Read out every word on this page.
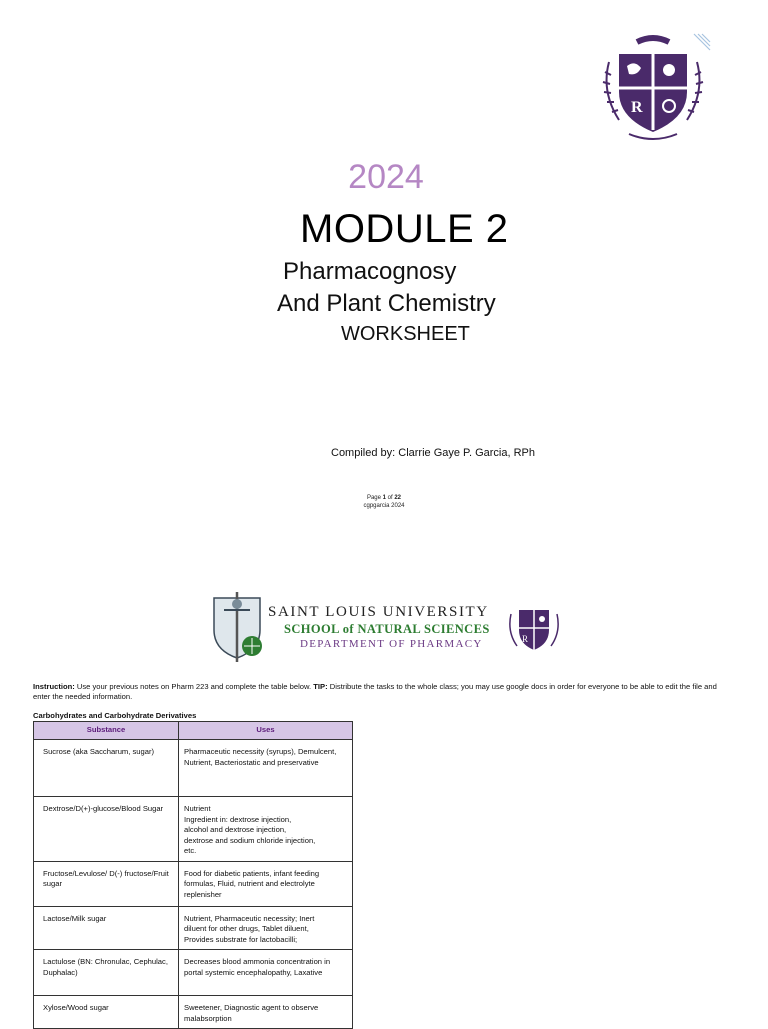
R
2024
MODULE 2
Pharmacognosy
And Plant Chemistry
WORKSHEET
Compiled by: Clarrie Gaye P. Garcia, RPh
Page 1 of 22
cgpgarcia 2024
SAINT LOUIS UNIVERSITY
SCHOOL of NATURAL SCIENCES
DEPARTMENT OF PHARMACY	R
Instruction: Use your previous notes on Pharm 223 and complete the table below. TIP: Distribute the tasks to the whole class; you may use google docs in order for everyone to be able to edit the file and enter the needed information.
Carbohydrates and Carbohydrate Derivatives
Substance	Uses
Sucrose (aka Saccharum, sugar)	Pharmaceutic necessity (syrups), Demulcent, Nutrient, Bacteriostatic and preservative

Dextrose/D(+)-glucose/Blood Sugar	Nutrient
Ingredient in: dextrose injection,
alcohol and dextrose injection,
dextrose and sodium chloride injection,
etc.

Fructose/Levulose/ D(-) fructose/Fruit sugar	Food for diabetic patients, infant feeding formulas, Fluid, nutrient and electrolyte replenisher

Lactose/Milk sugar	Nutrient, Pharmaceutic necessity; Inert
diluent for other drugs, Tablet diluent,
Provides substrate for lactobacilli;

Lactulose (BN: Chronulac, Cephulac, Duphalac)	Decreases blood ammonia concentration in portal systemic encephalopathy, Laxative

Xylose/Wood sugar	Sweetener, Diagnostic agent to observe malabsorption
